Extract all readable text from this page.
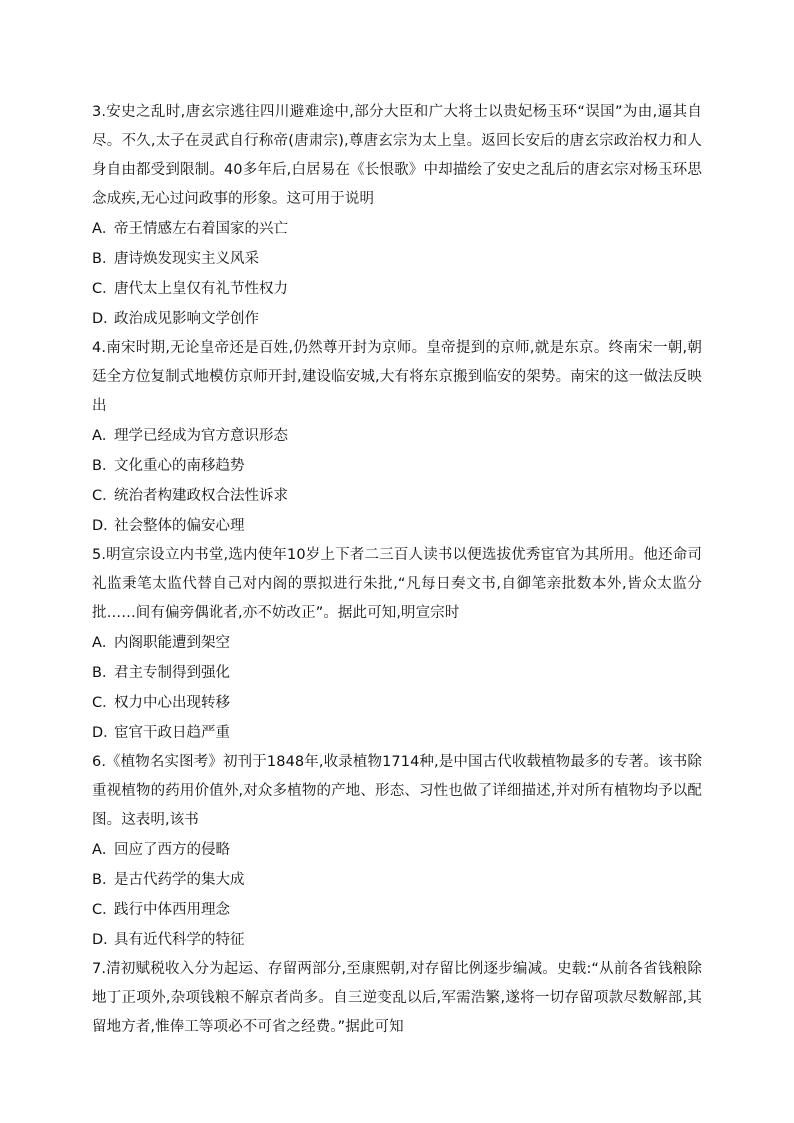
3.安史之乱时,唐玄宗逃往四川避难途中,部分大臣和广大将士以贵妃杨玉环“误国”为由,逼其自尽。不久,太子在灵武自行称帝(唐肃宗),尊唐玄宗为太上皇。返回长安后的唐玄宗政治权力和人身自由都受到限制。40多年后,白居易在《长恨歌》中却描绘了安史之乱后的唐玄宗对杨玉环思念成疾,无心过问政事的形象。这可用于说明

A．帝王情感左右着国家的兴亡
B．唐诗焕发现实主义风采
C．唐代太上皇仅有礼节性权力
D．政治成见影响文学创作

4.南宋时期,无论皇帝还是百姓,仍然尊开封为京师。皇帝提到的京师,就是东京。终南宋一朝,朝廷全方位复制式地模仿京师开封,建设临安城,大有将东京搬到临安的架势。南宋的这一做法反映出

A．理学已经成为官方意识形态
B．文化重心的南移趋势
C．统治者构建政权合法性诉求
D．社会整体的偏安心理

5.明宣宗设立内书堂,选内使年10岁上下者二三百人读书以便选拔优秀宦官为其所用。他还命司礼监秉笔太监代替自己对内阁的票拟进行朱批,“凡每日奏文书,自御笔亲批数本外,皆众太监分批……间有偏旁偶讹者,亦不妨改正”。据此可知,明宣宗时

A．内阁职能遭到架空
B．君主专制得到强化
C．权力中心出现转移
D．宦官干政日趋严重

6.《植物名实图考》初刊于1848年,收录植物1714种,是中国古代收载植物最多的专著。该书除重视植物的药用价值外,对众多植物的产地、形态、习性也做了详细描述,并对所有植物均予以配图。这表明,该书

A．回应了西方的侵略
B．是古代药学的集大成
C．践行中体西用理念
D．具有近代科学的特征

7.清初赋税收入分为起运、存留两部分,至康熙朝,对存留比例逐步编减。史载:“从前各省钱粮除地丁正项外,杂项钱粮不解京者尚多。自三逆变乱以后,军需浩繁,遂将一切存留项款尽数解部,其留地方者,惟俸工等项必不可省之经费。”据此可知
